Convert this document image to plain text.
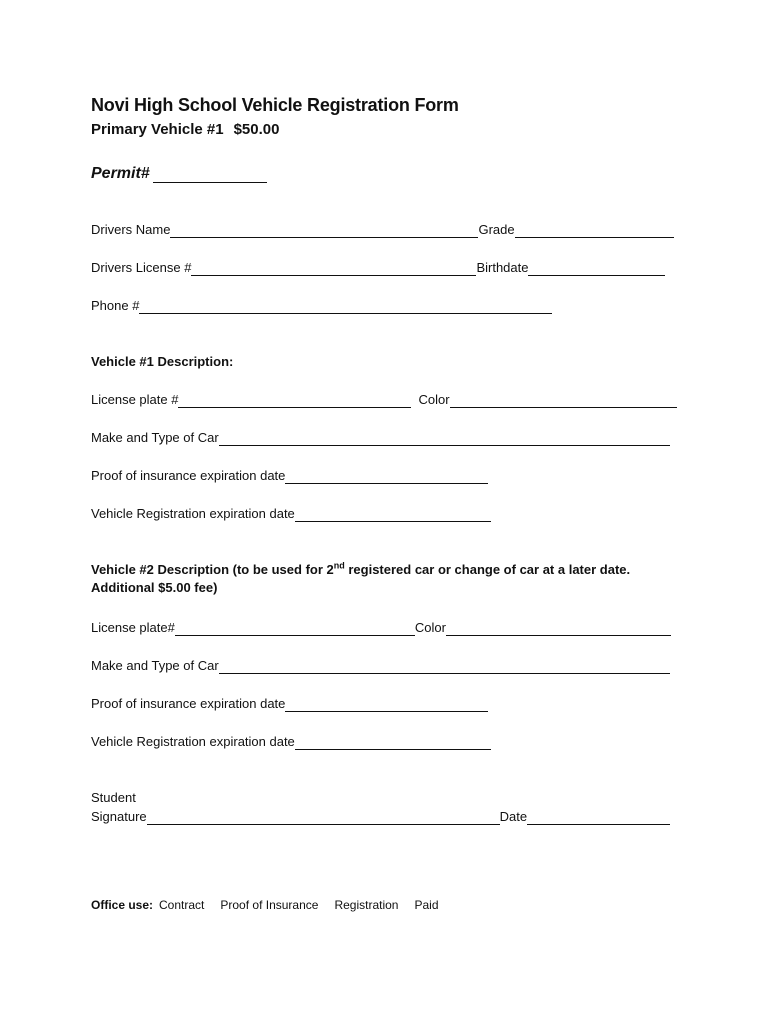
Novi High School Vehicle Registration Form
Primary Vehicle #1 $50.00
Permit#
Drivers Name	Grade
Drivers License #	Birthdate
Phone #
Vehicle #1 Description:
License plate #	Color
Make and Type of Car
Proof of insurance expiration date
Vehicle Registration expiration date
Vehicle #2 Description (to be used for 2nd registered car or change of car at a later date.
Additional $5.00 fee)
License plate#	Color
Make and Type of Car
Proof of insurance expiration date
Vehicle Registration expiration date
Student
Signature	Date
Office use: Contract Proof of Insurance Registration Paid
